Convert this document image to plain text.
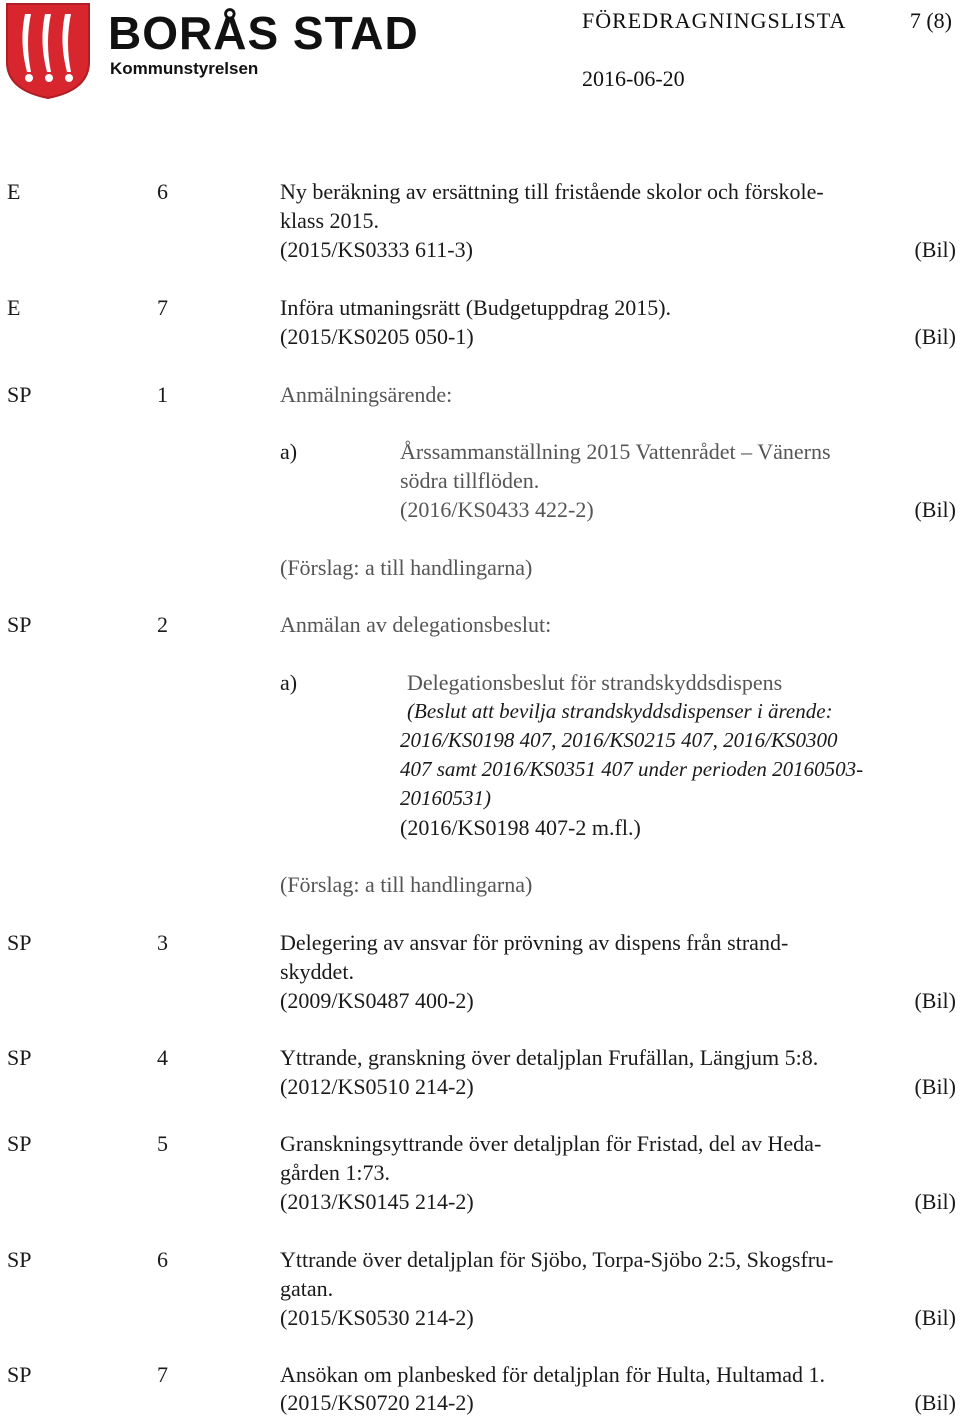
BORÅS STAD
Kommunstyrelsen
FÖREDRAGNINGSLISTA	7 (8)
2016-06-20
E	6	Ny beräkning av ersättning till fristående skolor och förskole-
klass 2015.
(2015/KS0333 611-3)	(Bil)
E	7	Införa utmaningsrätt (Budgetuppdrag 2015).
(2015/KS0205 050-1)	(Bil)
SP	1	Anmälningsärende:
a)	Årssammanställning 2015 Vattenrådet – Vänerns
södra tillflöden.
(2016/KS0433 422-2)	(Bil)
(Förslag: a till handlingarna)
SP	2	Anmälan av delegationsbeslut:
a)	Delegationsbeslut för strandskyddsdispens
(Beslut att bevilja strandskyddsdispenser i ärende:
2016/KS0198 407, 2016/KS0215 407, 2016/KS0300
407 samt 2016/KS0351 407 under perioden 20160503-
20160531)
(2016/KS0198 407-2 m.fl.)
(Förslag: a till handlingarna)
SP	3	Delegering av ansvar för prövning av dispens från strand-
skyddet.
(2009/KS0487 400-2)	(Bil)
SP	4	Yttrande, granskning över detaljplan Frufällan, Längjum 5:8.
(2012/KS0510 214-2)	(Bil)
SP	5	Granskningsyttrande över detaljplan för Fristad, del av Heda-
gården 1:73.
(2013/KS0145 214-2)	(Bil)
SP	6	Yttrande över detaljplan för Sjöbo, Torpa-Sjöbo 2:5, Skogsfru-
gatan.
(2015/KS0530 214-2)	(Bil)
SP	7	Ansökan om planbesked för detaljplan för Hulta, Hultamad 1.
(2015/KS0720 214-2)	(Bil)
